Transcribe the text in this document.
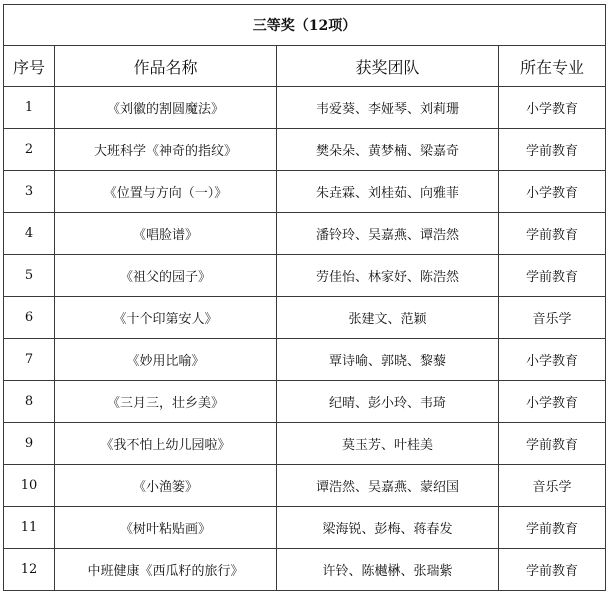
三等奖（12项）			
序号	作品名称	获奖团队	所在专业
1	《刘徽的割圆魔法》	韦爱葵、李娅琴、刘莉珊	小学教育
2	大班科学《神奇的指纹》	樊朵朵、黄梦楠、梁嘉奇	学前教育
3	《位置与方向（一）》	朱垚霖、刘桂茹、向雅菲	小学教育
4	《唱脸谱》	潘铃玲、吴嘉燕、谭浩然	学前教育
5	《祖父的园子》	劳佳怡、林家妤、陈浩然	学前教育
6	《十个印第安人》	张建文、范颖	音乐学
7	《妙用比喻》	覃诗喻、郭晓、黎藜	小学教育
8	《三月三，壮乡美》	纪晴、彭小玲、韦琦	小学教育
9	《我不怕上幼儿园啦》	莫玉芳、叶桂美	学前教育
10	《小渔篓》	谭浩然、吴嘉燕、蒙绍国	音乐学
11	《树叶粘贴画》	梁海锐、彭梅、蒋春发	学前教育
12	中班健康《西瓜籽的旅行》	许铃、陈樾楙、张瑞紫	学前教育
